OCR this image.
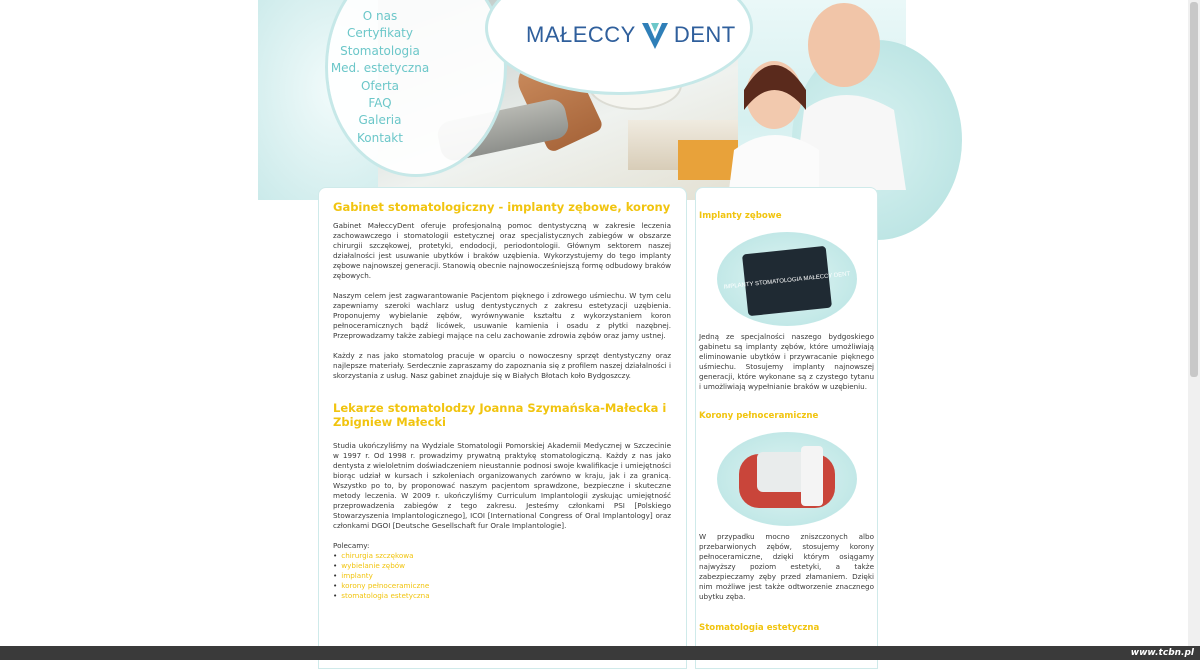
O nas
Certyfikaty
Stomatologia
Med. estetyczna
Oferta
FAQ
Galeria
Kontakt
MAŁECCY DENT
Gabinet stomatologiczny - implanty zębowe, korony

Gabinet MałeccyDent oferuje profesjonalną pomoc dentystyczną w zakresie leczenia zachowawczego i stomatologii estetycznej oraz specjalistycznych zabiegów w obszarze chirurgii szczękowej, protetyki, endodocji, periodontologii. Głównym sektorem naszej działalności jest usuwanie ubytków i braków uzębienia. Wykorzystujemy do tego implanty zębowe najnowszej generacji. Stanowią obecnie najnowocześniejszą formę odbudowy braków zębowych.

Naszym celem jest zagwarantowanie Pacjentom pięknego i zdrowego uśmiechu. W tym celu zapewniamy szeroki wachlarz usług dentystycznych z zakresu estetyzacji uzębienia. Proponujemy wybielanie zębów, wyrównywanie kształtu z wykorzystaniem koron pełnoceramicznych bądź licówek, usuwanie kamienia i osadu z płytki nazębnej. Przeprowadzamy także zabiegi mające na celu zachowanie zdrowia zębów oraz jamy ustnej.

Każdy z nas jako stomatolog pracuje w oparciu o nowoczesny sprzęt dentystyczny oraz najlepsze materiały. Serdecznie zapraszamy do zapoznania się z profilem naszej działalności i skorzystania z usług. Nasz gabinet znajduje się w Białych Błotach koło Bydgoszczy.

Lekarze stomatolodzy Joanna Szymańska-Małecka i Zbigniew Małecki

Studia ukończyliśmy na Wydziale Stomatologii Pomorskiej Akademii Medycznej w Szczecinie w 1997 r. Od 1998 r. prowadzimy prywatną praktykę stomatologiczną. Każdy z nas jako dentysta z wieloletnim doświadczeniem nieustannie podnosi swoje kwalifikacje i umiejętności biorąc udział w kursach i szkoleniach organizowanych zarówno w kraju, jak i za granicą. Wszystko po to, by proponować naszym pacjentom sprawdzone, bezpieczne i skuteczne metody leczenia. W 2009 r. ukończyliśmy Curriculum Implantologii zyskując umiejętność przeprowadzenia zabiegów z tego zakresu. Jesteśmy członkami PSI [Polskiego Stowarzyszenia Implantologicznego], ICOI [International Congress of Oral Implantology] oraz członkami DGOI [Deutsche Gesellschaft fur Orale Implantologie].

Polecamy:
• chirurgia szczękowa
• wybielanie zębów
• implanty
• korony pełnoceramiczne
• stomatologia estetyczna
Implanty zębowe
IMPLANTY STOMATOLOGIA MAŁECCY DENT

Jedną ze specjalności naszego bydgoskiego gabinetu są implanty zębów, które umożliwiają eliminowanie ubytków i przywracanie pięknego uśmiechu. Stosujemy implanty najnowszej generacji, które wykonane są z czystego tytanu i umożliwiają wypełnianie braków w uzębieniu.

Korony pełnoceramiczne

W przypadku mocno zniszczonych albo przebarwionych zębów, stosujemy korony pełnoceramiczne, dzięki którym osiągamy najwyższy poziom estetyki, a także zabezpieczamy zęby przed złamaniem. Dzięki nim możliwe jest także odtworzenie znacznego ubytku zęba.

Stomatologia estetyczna
www.tcbn.pl
